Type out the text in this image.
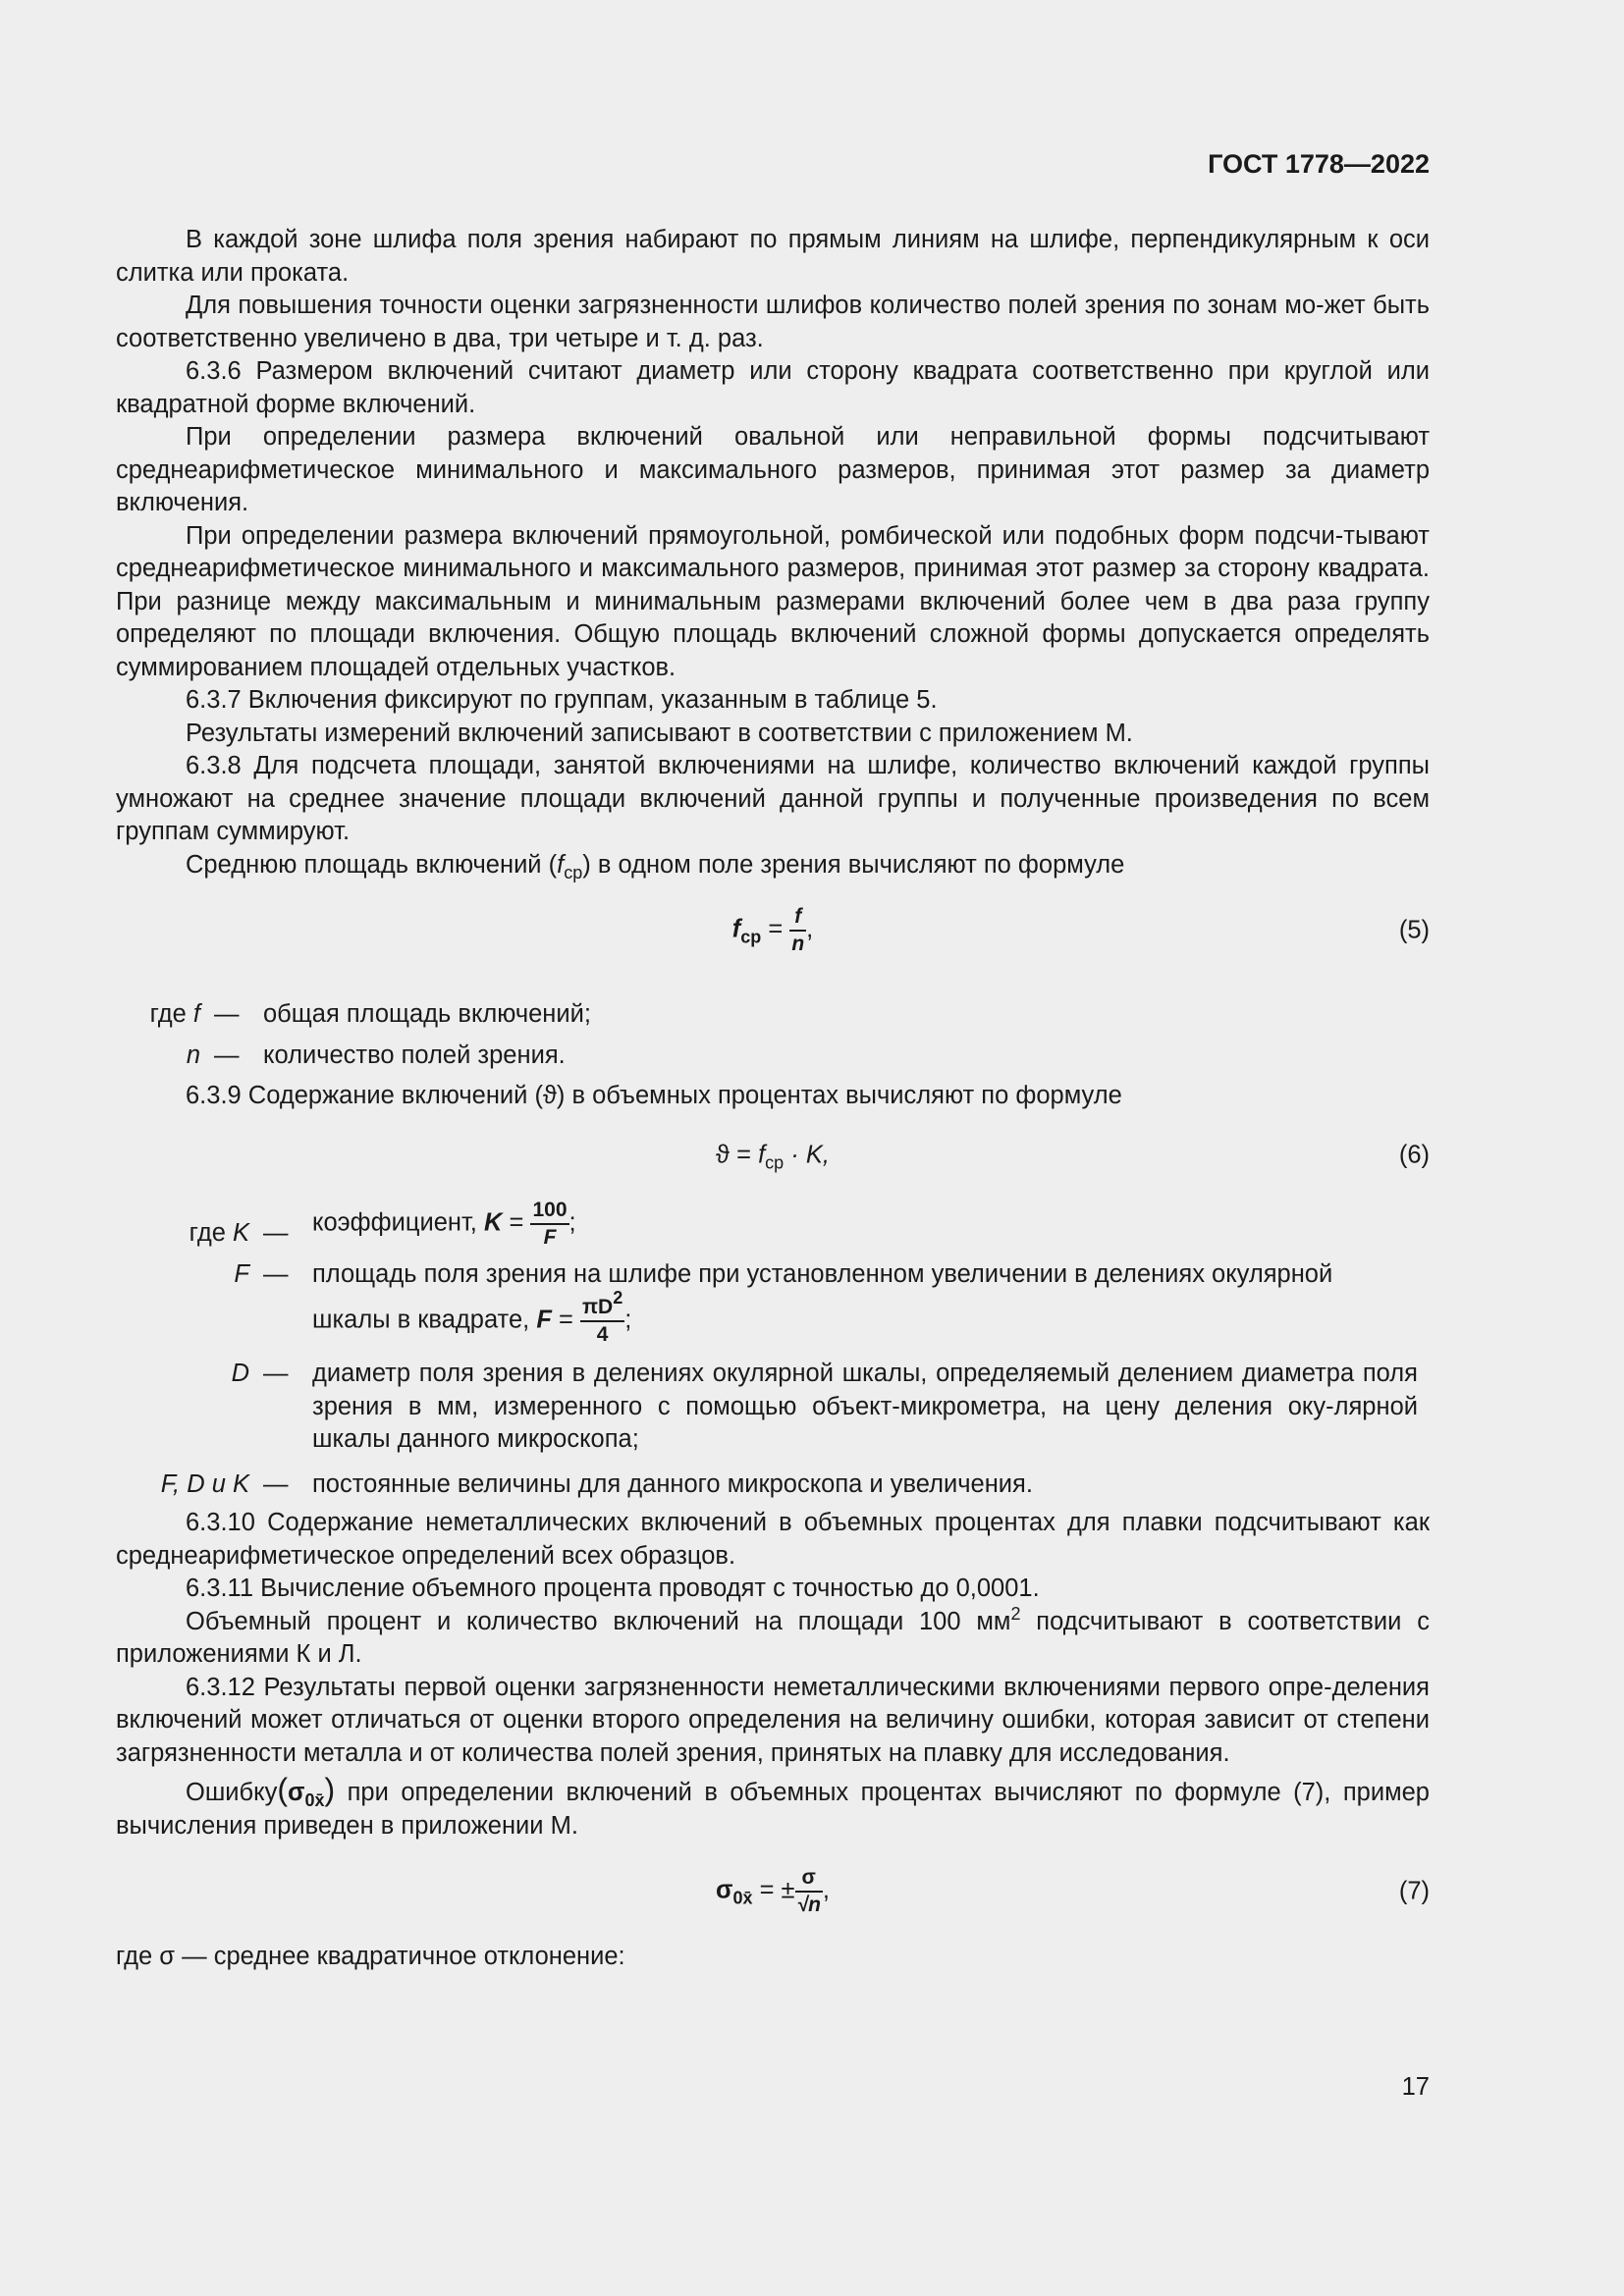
ГОСТ 1778—2022

В каждой зоне шлифа поля зрения набирают по прямым линиям на шлифе, перпендикулярным к оси слитка или проката.

Для повышения точности оценки загрязненности шлифов количество полей зрения по зонам мо-жет быть соответственно увеличено в два, три четыре и т. д. раз.

6.3.6 Размером включений считают диаметр или сторону квадрата соответственно при круглой или квадратной форме включений.

При определении размера включений овальной или неправильной формы подсчитывают среднеарифметическое минимального и максимального размеров, принимая этот размер за диаметр включения.

При определении размера включений прямоугольной, ромбической или подобных форм подсчи-тывают среднеарифметическое минимального и максимального размеров, принимая этот размер за сторону квадрата. При разнице между максимальным и минимальным размерами включений более чем в два раза группу определяют по площади включения. Общую площадь включений сложной формы допускается определять суммированием площадей отдельных участков.

6.3.7 Включения фиксируют по группам, указанным в таблице 5.

Результаты измерений включений записывают в соответствии с приложением М.

6.3.8 Для подсчета площади, занятой включениями на шлифе, количество включений каждой группы умножают на среднее значение площади включений данной группы и полученные произведения по всем группам суммируют.

Среднюю площадь включений $(f_{ср})$ в одном поле зрения вычисляют по формуле

$f_{ср} = \frac{f}{n}$ ,	(5)
где f — общая площадь включений;
n — количество полей зрения.

6.3.9 Содержание включений (ϑ) в объемных процентах вычисляют по формуле

$ϑ = f_{ср} \cdot K$,	(6)
где K — коэффициент, $K = \frac{100}{F}$ ;
F — площадь поля зрения на шлифе при установленном увеличении в делениях окулярной
шкалы в квадрате, $F = \frac{\pi D^2}{4}$ ;
D — диаметр поля зрения в делениях окулярной шкалы, определяемый делением диаметра поля зрения в мм, измеренного с помощью объект-микрометра, на цену деления оку-лярной шкалы данного микроскопа;
F, D и K — постоянные величины для данного микроскопа и увеличения.

6.3.10 Содержание неметаллических включений в объемных процентах для плавки подсчитывают как среднеарифметическое определений всех образцов.

6.3.11 Вычисление объемного процента проводят с точностью до 0,0001.

Объемный процент и количество включений на площади 100 $мм^2$ подсчитывают в соответствии с приложениями К и Л.

6.3.12 Результаты первой оценки загрязненности неметаллическими включениями первого опре-деления включений может отличаться от оценки второго определения на величину ошибки, которая зависит от степени загрязненности металла и от количества полей зрения, принятых на плавку для исследования.

$Ошибку(\sigma_{0x̄})$ при определении включений в объемных процентах вычисляют по формуле (7), пример вычисления приведен в приложении М.

$\sigma_{0x̄}$ = ± $\frac{\sigma}{√n}$ ,	(7)

где σ — среднее квадратичное отклонение:

17
